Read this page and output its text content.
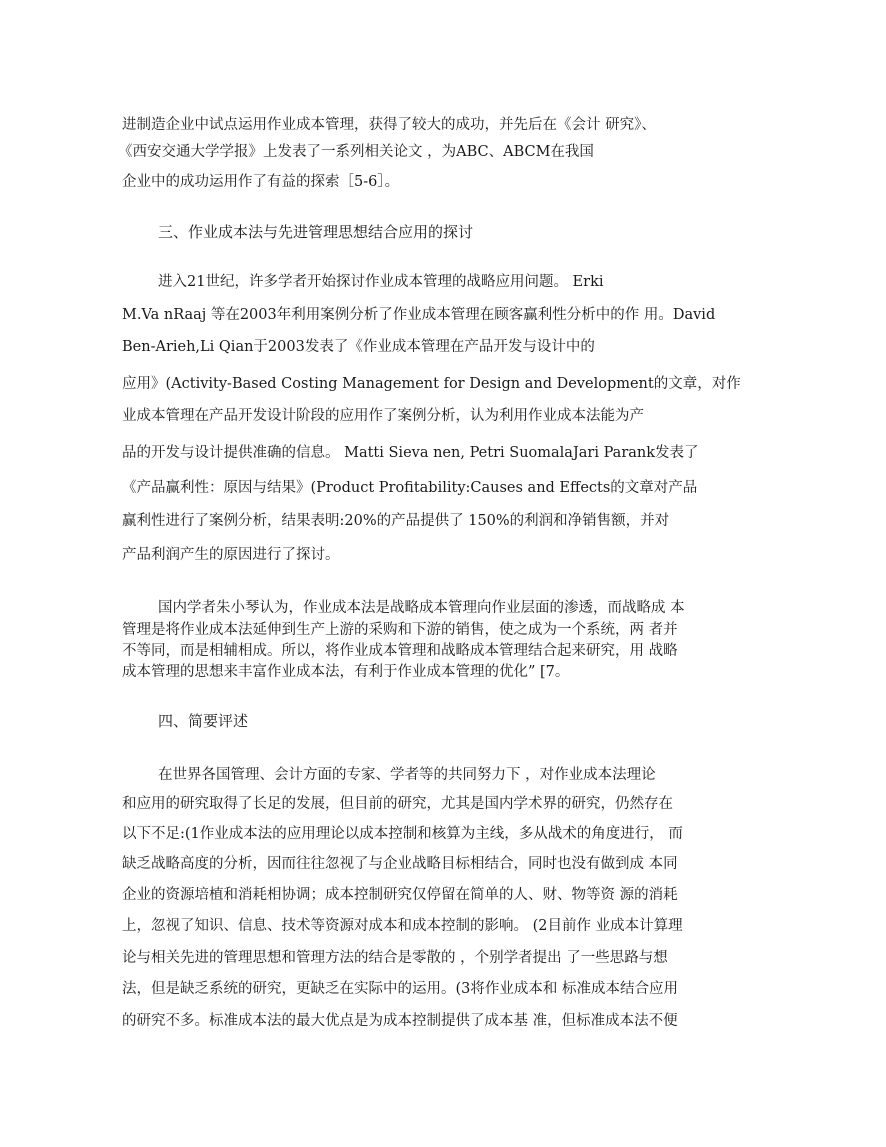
进制造企业中试点运用作业成本管理，获得了较大的成功，并先后在《会计 研究》、
《西安交通大学学报》上发表了一系列相关论文 ，为ABC、ABCM在我国
企业中的成功运用作了有益的探索［5-6］。
三、作业成本法与先进管理思想结合应用的探讨
进入21世纪，许多学者开始探讨作业成本管理的战略应用问题。 Erki
M.Va nRaaj 等在2003年利用案例分析了作业成本管理在顾客赢利性分析中的作 用。David
Ben-Arieh,Li Qian于2003发表了《作业成本管理在产品开发与设计中的
应用》(Activity-Based Costing Management for Design and Development的文章，对作
业成本管理在产品开发设计阶段的应用作了案例分析，认为利用作业成本法能为产
品的开发与设计提供准确的信息。 Matti Sieva nen, Petri SuomalaJari Parank发表了
《产品赢利性：原因与结果》(Product Profitability:Causes and Effects的文章对产品
赢利性进行了案例分析，结果表明:20%的产品提供了 150%的利润和净销售额，并对
产品利润产生的原因进行了探讨。
国内学者朱小琴认为，作业成本法是战略成本管理向作业层面的渗透，而战略成 本
管理是将作业成本法延伸到生产上游的采购和下游的销售，使之成为一个系统，两 者并
不等同，而是相辅相成。所以，将作业成本管理和战略成本管理结合起来研究，用 战略
成本管理的思想来丰富作业成本法，有利于作业成本管理的优化” [7。
四、简要评述
在世界各国管理、会计方面的专家、学者等的共同努力下 ，对作业成本法理论
和应用的研究取得了长足的发展，但目前的研究，尤其是国内学术界的研究，仍然存在
以下不足:(1作业成本法的应用理论以成本控制和核算为主线，多从战术的角度进行， 而
缺乏战略高度的分析，因而往往忽视了与企业战略目标相结合，同时也没有做到成 本同
企业的资源培植和消耗相协调；成本控制研究仅停留在简单的人、财、物等资 源的消耗
上，忽视了知识、信息、技术等资源对成本和成本控制的影响。 (2目前作 业成本计算理
论与相关先进的管理思想和管理方法的结合是零散的 ，个别学者提出 了一些思路与想
法，但是缺乏系统的研究，更缺乏在实际中的运用。(3将作业成本和 标准成本结合应用
的研究不多。标准成本法的最大优点是为成本控制提供了成本基 准，但标准成本法不便
